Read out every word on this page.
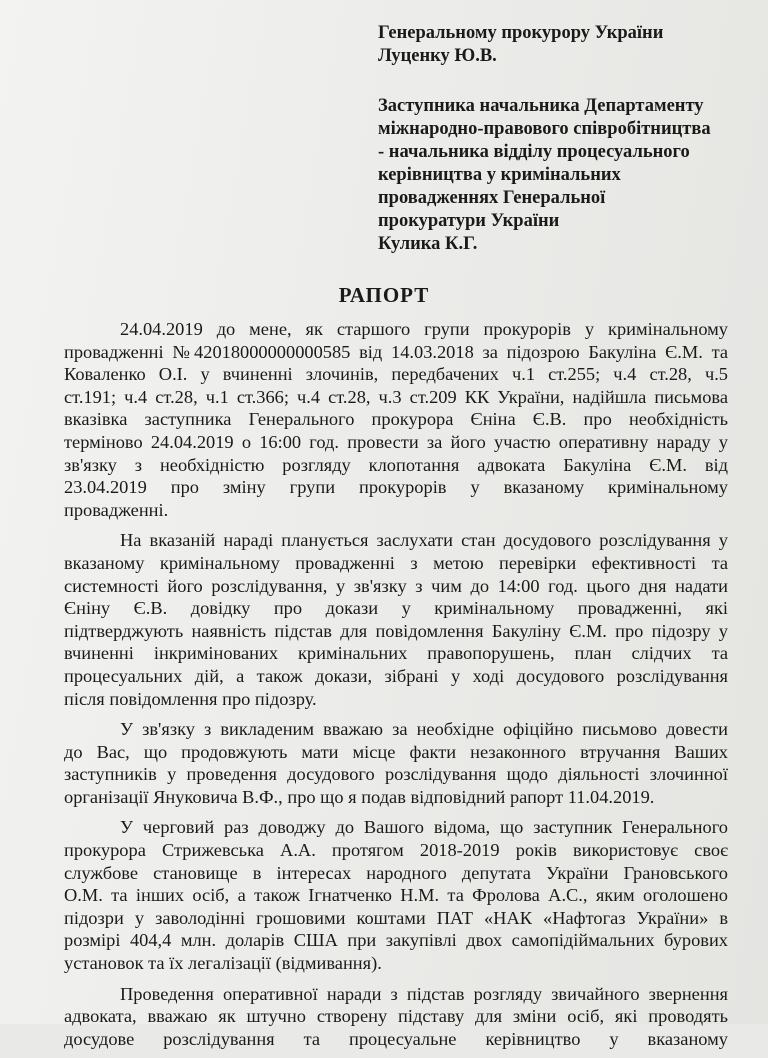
Генеральному прокурору України
Луценку Ю.В.
Заступника начальника Департаменту
міжнародно-правового співробітництва
- начальника відділу процесуального
керівництва у кримінальних
провадженнях Генеральної
прокуратури України
Кулика К.Г.
РАПОРТ
24.04.2019 до мене, як старшого групи прокурорів у кримінальному
провадженні №42018000000000585 від 14.03.2018 за підозрою Бакуліна Є.М. та
Коваленко О.І. у вчиненні злочинів, передбачених ч.1 ст.255; ч.4 ст.28, ч.5
ст.191; ч.4 ст.28, ч.1 ст.366; ч.4 ст.28, ч.3 ст.209 КК України, надійшла письмова
вказівка заступника Генерального прокурора Єніна Є.В. про необхідність
терміново 24.04.2019 о 16:00 год. провести за його участю оперативну нараду у
зв'язку з необхідністю розгляду клопотання адвоката Бакуліна Є.М. від
23.04.2019 про зміну групи прокурорів у вказаному кримінальному
провадженні.
На вказаній нараді планується заслухати стан досудового розслідування у
вказаному кримінальному провадженні з метою перевірки ефективності та
системності його розслідування, у зв'язку з чим до 14:00 год. цього дня надати
Єніну Є.В. довідку про докази у кримінальному провадженні, які
підтверджують наявність підстав для повідомлення Бакуліну Є.М. про підозру у
вчиненні інкримінованих кримінальних правопорушень, план слідчих та
процесуальних дій, а також докази, зібрані у ході досудового розслідування
після повідомлення про підозру.
У зв'язку з викладеним вважаю за необхідне офіційно письмово довести
до Вас, що продовжують мати місце факти незаконного втручання Ваших
заступників у проведення досудового розслідування щодо діяльності злочинної
організації Януковича В.Ф., про що я подав відповідний рапорт 11.04.2019.
У черговий раз доводжу до Вашого відома, що заступник Генерального
прокурора Стрижевська А.А. протягом 2018-2019 років використовує своє
службове становище в інтересах народного депутата України Грановського
О.М. та інших осіб, а також Ігнатченко Н.М. та Фролова А.С., яким оголошено
підозри у заволодінні грошовими коштами ПАТ «НАК «Нафтогаз України» в
розмірі 404,4 млн. доларів США при закупівлі двох самопідіймальних бурових
установок та їх легалізації (відмивання).
Проведення оперативної наради з підстав розгляду звичайного звернення
адвоката, вважаю як штучно створену підставу для зміни осіб, які проводять
досудове розслідування та процесуальне керівництво у вказаному
